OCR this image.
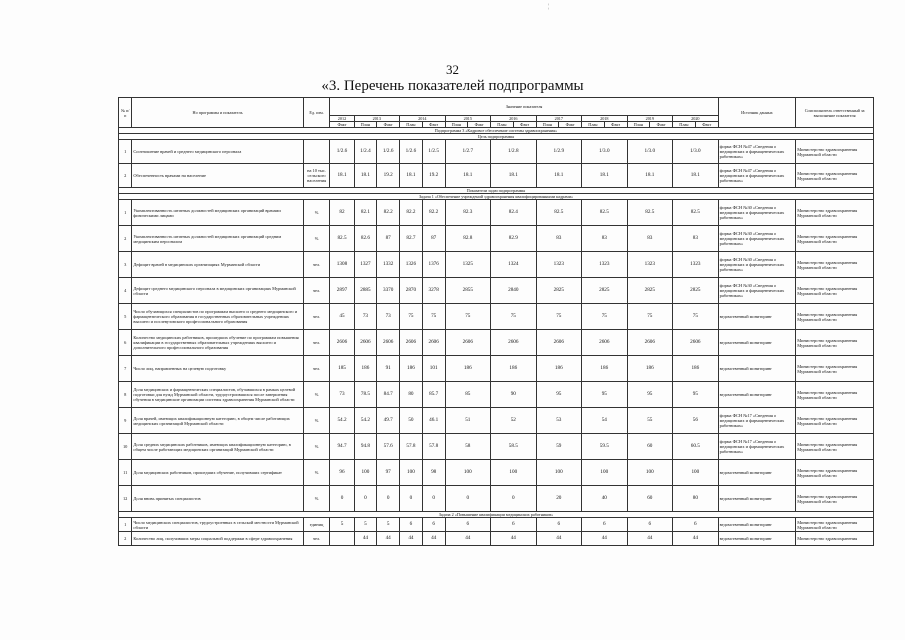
¦
32
«3. Перечень показателей подпрограммы
№ п/п	Но программы и показатель	Ед. изм.	Значение показателя																	Источник данных	Соисполнитель ответственный за выполнение показателя
			2012	2013		2014		2015		2016		2017		2018		2019		2020			
			Факт	План	Факт	План	Факт	План	Факт	План	Факт	План	Факт	План	Факт	План	Факт	План	Факт		
Подпрограмма 3 «Кадровое обеспечение системы здравоохранения»																					
Цель подпрограммы																					
1	Соотношение врачей и среднего медицинского персонала		1/2.6	1/2.4	1/2.6	1/2.6	1/2.5	1/2.7		1/2.8		1/2.9		1/3.0		1/3.0		1/3.0		форма ФСН №47 «Сведения о медицинских и фармацевтических работниках»	Министерство здравоохранения Мурманской области
2	Обеспеченность врачами на население	на 10 тыс. сельского населения	18.1	18.1	19.2	18.1	19.2	18.1		18.1		18.1		18.1		18.1		18.1		форма ФСН №47 «Сведения о медицинских и фармацевтических работниках»	Министерство здравоохранения Мурманской области
Показатели задач подпрограммы																					
Задача 1 «Обеспечение учреждений здравоохранения квалифицированными кадрами»																					
1	Укомплектованность штатных должностей медицинских организаций врачами физическими лицами	%	82	82.1	82.2	82.2	82.2	82.3		82.4		82.5		82.5		82.5		82.5		форма ФСН №30 «Сведения о медицинских и фармацевтических работниках»	Министерство здравоохранения Мурманской области
2	Укомплектованность штатных должностей медицинских организаций средним медицинским персоналом	%	82.5	82.6	87	82.7	87	82.8		82.9		83		83		83		83		форма ФСН №30 «Сведения о медицинских и фармацевтических работниках»	Министерство здравоохранения Мурманской области
3	Дефицит врачей в медицинских организациях Мурманской области	чел.	1308	1327	1332	1326	1376	1325		1324		1323		1323		1323		1323		форма ФСН №30 «Сведения о медицинских и фармацевтических работниках»	Министерство здравоохранения Мурманской области
4	Дефицит среднего медицинского персонала в медицинских организациях Мурманской области	чел.	2897	2885	3370	2870	3278	2855		2840		2825		2825		2825		2825		форма ФСН №30 «Сведения о медицинских и фармацевтических работниках»	Министерство здравоохранения Мурманской области
5	Число обучающихся специалистов по программам высшего и среднего медицинского и фармацевтического образования в государственных образовательных учреждениях высшего и послевузовского профессионального образования	чел.	45	73	73	75	75	75		75		75		75		75		75		ведомственный мониторинг	Министерство здравоохранения Мурманской области
6	Количество медицинских работников, прошедших обучение по программам повышения квалификации в государственных образовательных учреждениях высшего и дополнительного профессионального образования	чел.	2606	2606	2606	2606	2606	2606		2606		2606		2606		2606		2606		ведомственный мониторинг	Министерство здравоохранения Мурманской области
7	Число лиц, направленных на целевую подготовку	чел.	185	186	91	186	101	186		186		186		186		186		186		ведомственный мониторинг	Министерство здравоохранения Мурманской области
8	Доля медицинских и фармацевтических специалистов, обучавшихся в рамках целевой подготовки для нужд Мурманской области, трудоустроившихся после завершения обучения в медицинские организации системы здравоохранения Мурманской области	%	73	78.5	84.7	80	85.7	85		90		95		95		95		95		ведомственный мониторинг	Министерство здравоохранения Мурманской области
9	Доля врачей, имеющих квалификационную категорию, в общем числе работающих медицинских организаций Мурманской области	%	54.2	54.2	49.7	50	46.1	51		52		53		54		55		56		форма ФСН №17 «Сведения о медицинских и фармацевтических работниках»	Министерство здравоохранения Мурманской области
10	Доля средних медицинских работников, имеющих квалификационную категорию, в общем числе работающих медицинских организаций Мурманской области	%	94.7	94.8	57.6	57.8	57.8	58		58.5		59		59.5		60		60.5		форма ФСН №17 «Сведения о медицинских и фармацевтических работниках»	Министерство здравоохранения Мурманской области
11	Доля медицинских работников, прошедших обучение, получивших сертификат	%	96	100	97	100	98	100		100		100		100		100		100		ведомственный мониторинг	Министерство здравоохранения Мурманской области
12	Доля вновь принятых специалистов	%	0	0	0	0	0	0		0		20		40		60		80		ведомственный мониторинг	Министерство здравоохранения Мурманской области
Задача 2 «Повышение квалификации медицинских работников»																					
1	Число медицинских специалистов, трудоустроенных в сельской местности Мурманской области	единиц	5	5	5	6	6	6		6		6		6		6		6		ведомственный мониторинг	Министерство здравоохранения Мурманской области
2	Количество лиц, получивших меры социальной поддержки в сфере здравоохранения	чел.		44	44	44	44	44		44		44		44		44		44		ведомственный мониторинг	Министерство здравоохранения
